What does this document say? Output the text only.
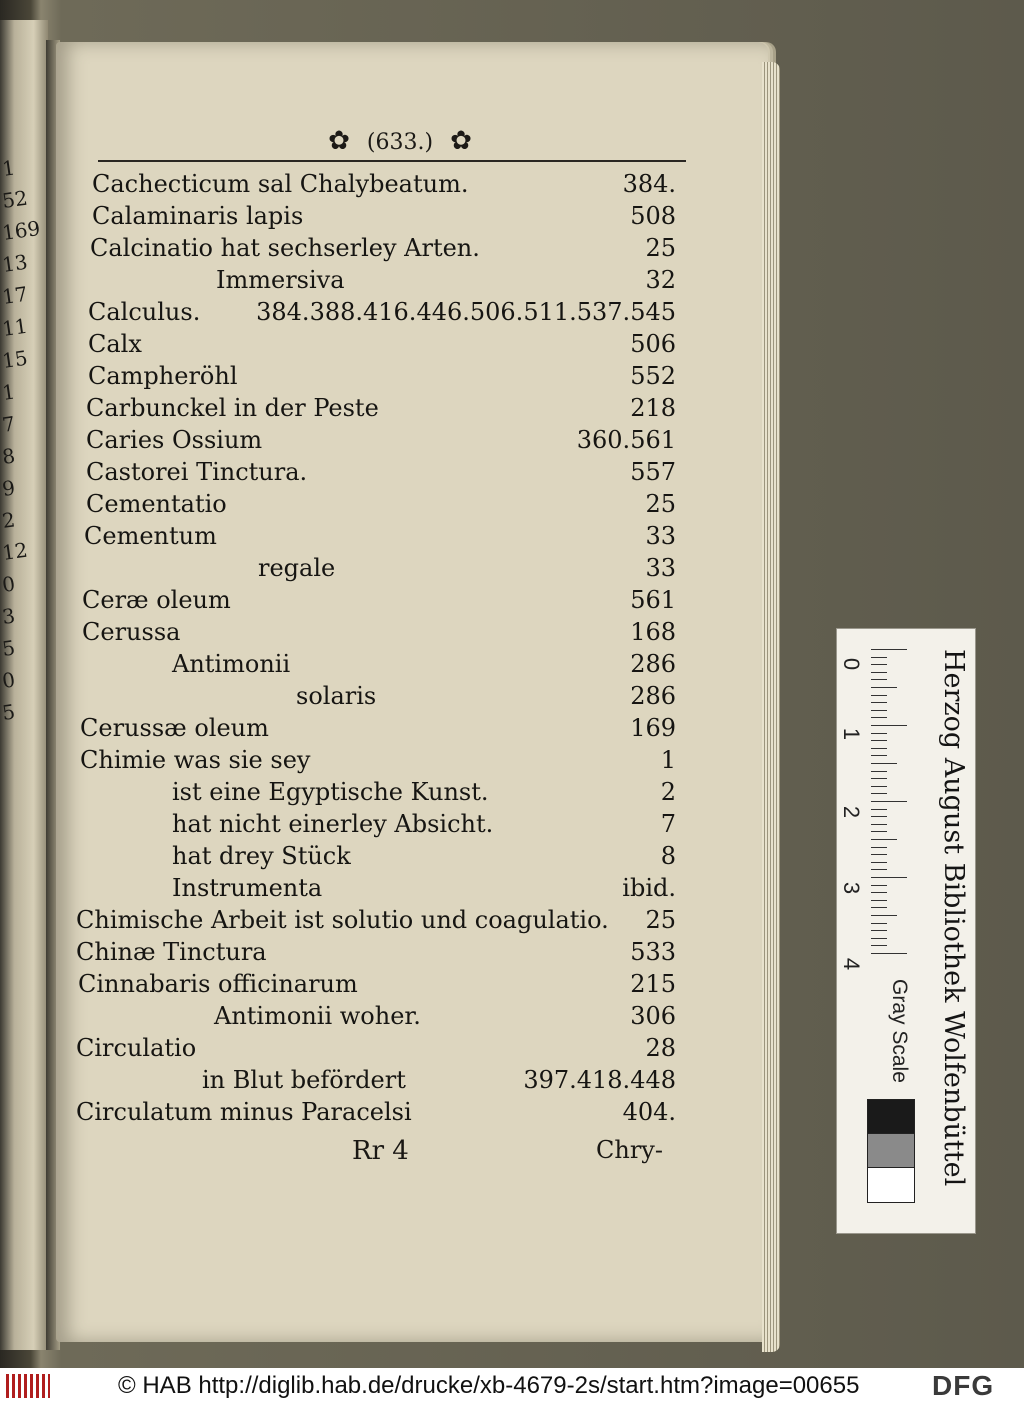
1
52
169
13
17
11
15
1
7
8
9
2
12
0
3
5
0
5
✿ (633.) ✿
Cachecticum sal Chalybeatum.	384.
Calaminaris lapis	508
Calcinatio hat sechserley Arten.	25
Immersiva	32
Calculus. 384.388.416.446.506.511.537.545
Calx	506
Campheröhl	552
Carbunckel in der Peste	218
Caries Ossium	360.561
Castorei Tinctura.	557
Cementatio	25
Cementum	33
regale	33
Ceræ oleum	561
Cerussa	168
Antimonii	286
solaris	286
Cerussæ oleum	169
Chimie was sie sey	1
ist eine Egyptische Kunst.	2
hat nicht einerley Absicht.	7
hat drey Stück	8
Instrumenta	ibid.
Chimische Arbeit ist solutio und coagulatio. 25
Chinæ Tinctura	533
Cinnabaris officinarum	215
Antimonii woher.	306
Circulatio	28
in Blut befördert	397.418.448
Circulatum minus Paracelsi	404.
Rr 4	Chry-
0
1
2
3
4	Herzog August Bibliothek Wolfenbüttel
Gray Scale
© HAB http://diglib.hab.de/drucke/xb-4679-2s/start.htm?image=00655	DFG
